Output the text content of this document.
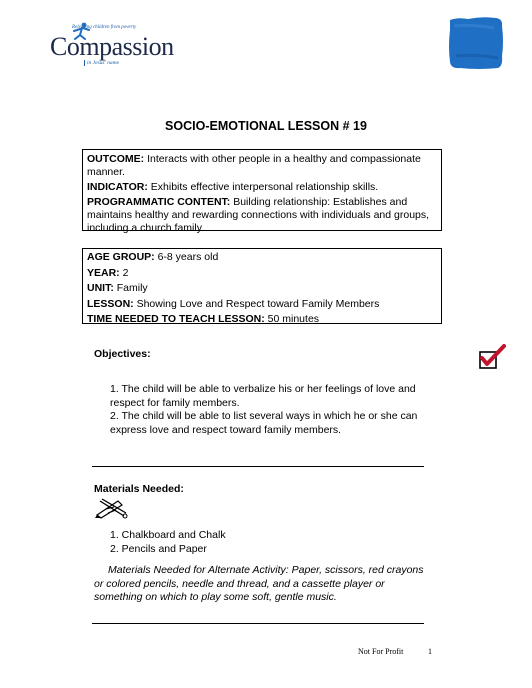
Releasing children from poverty
Compassion
in Jesus' name
SOCIO-EMOTIONAL LESSON # 19

OUTCOME: Interacts with other people in a healthy and compassionate manner.

INDICATOR: Exhibits effective interpersonal relationship skills.

PROGRAMMATIC CONTENT: Building relationship: Establishes and maintains healthy and rewarding connections with individuals and groups, including a church family.

AGE GROUP: 6-8 years old

YEAR: 2

UNIT: Family

LESSON: Showing Love and Respect toward Family Members

TIME NEEDED TO TEACH LESSON: 50 minutes

Objectives:

1. The child will be able to verbalize his or her feelings of love and respect for family members.

2. The child will be able to list several ways in which he or she can express love and respect toward family members.

Materials Needed:

1. Chalkboard and Chalk

2. Pencils and Paper

Materials Needed for Alternate Activity: Paper, scissors, red crayons or colored pencils, needle and thread, and a cassette player or something on which to play some soft, gentle music.
Not For Profit	1
